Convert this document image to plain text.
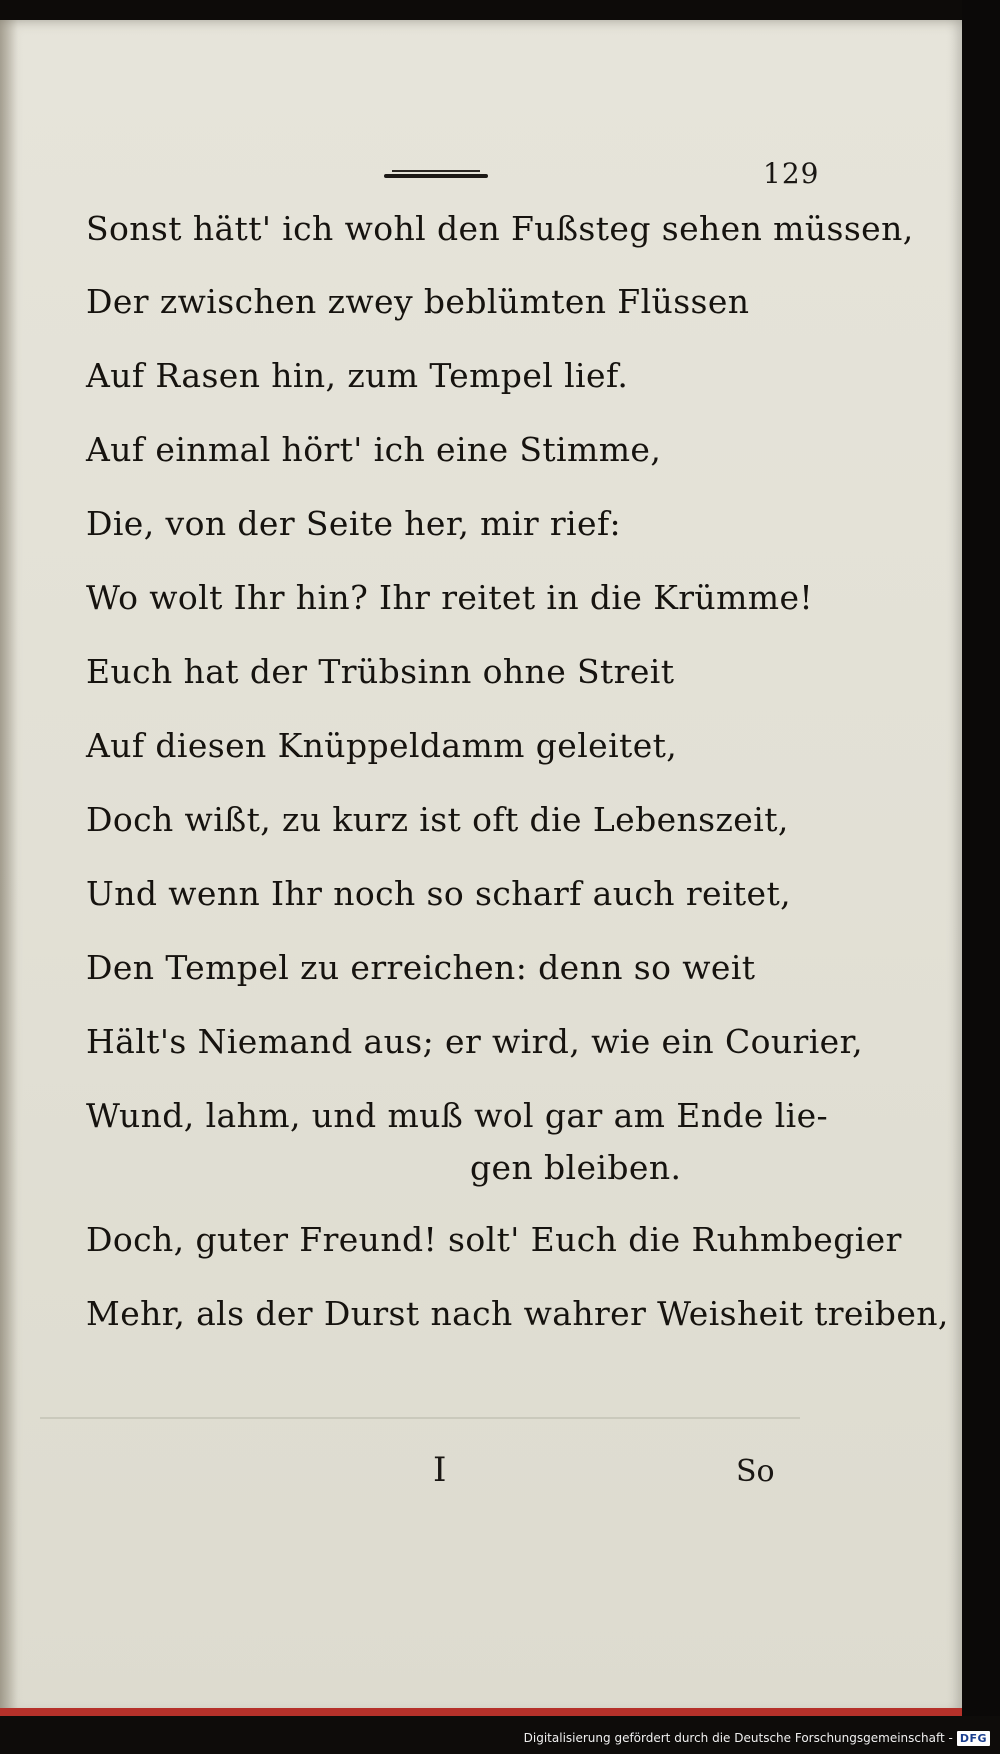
129
Sonst hätt' ich wohl den Fußsteg sehen müssen,
Der zwischen zwey beblümten Flüssen
Auf Rasen hin, zum Tempel lief.
Auf einmal hört' ich eine Stimme,
Die, von der Seite her, mir rief:
Wo wolt Ihr hin? Ihr reitet in die Krümme!
Euch hat der Trübsinn ohne Streit
Auf diesen Knüppeldamm geleitet,
Doch wißt, zu kurz ist oft die Lebenszeit,
Und wenn Ihr noch so scharf auch reitet,
Den Tempel zu erreichen: denn so weit
Hält's Niemand aus; er wird, wie ein Courier,
Wund, lahm, und muß wol gar am Ende lie-
gen bleiben.
Doch, guter Freund! solt' Euch die Ruhmbegier
Mehr, als der Durst nach wahrer Weisheit treiben,
I	So
Digitalisierung gefördert durch die Deutsche Forschungsgemeinschaft - DFG
